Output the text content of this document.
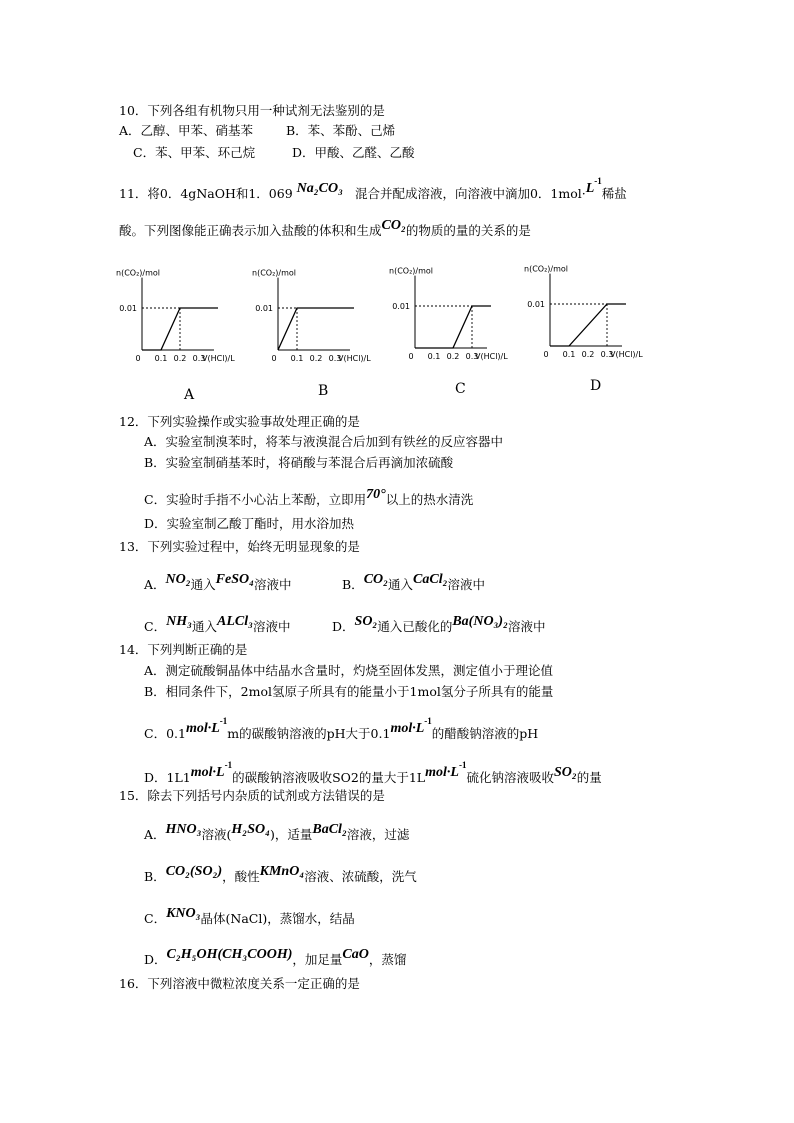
10．下列各组有机物只用一种试剂无法鉴别的是
A．乙醇、甲苯、硝基苯	B．苯、苯酚、己烯
C．苯、甲苯、环己烷	D．甲酸、乙醛、乙酸
11．将0．4gNaOH和1．069 Na₂CO₃ 混合并配成溶液，向溶液中滴加0．$1mol\cdot L^{-1}$稀盐
酸。下列图像能正确表示加入盐酸的体积和生成CO₂的物质的量的关系的是
n(CO₂)/mol
V(HCl)/L
0.01
0 0.1 0.2 0.3
n(CO₂)/mol
V(HCl)/L
0.01
0 0.1 0.2 0.3
n(CO₂)/mol
V(HCl)/L
0.01
0 0.1 0.2 0.3
n(CO₂)/mol
V(HCl)/L
0.01
0 0.1 0.2 0.3
A	B	C	D
12．下列实验操作或实验事故处理正确的是
A．实验室制溴苯时，将苯与液溴混合后加到有铁丝的反应容器中
B．实验室制硝基苯时，将硝酸与苯混合后再滴加浓硫酸
C．实验时手指不小心沾上苯酚，立即用70°以上的热水清洗
D．实验室制乙酸丁酯时，用水浴加热
13．下列实验过程中，始终无明显现象的是
A．NO₂通入FeSO₄溶液中	B．CO₂通入CaCl₂溶液中
C．NH₃通入ALCl₃溶液中	D．SO₂通入已酸化的Ba(NO₃)₂溶液中
14．下列判断正确的是
A．测定硫酸铜晶体中结晶水含量时，灼烧至固体发黑，测定值小于理论值
B．相同条件下，2mol氢原子所具有的能量小于1mol氢分子所具有的能量
C．$0.1mol\cdot L^{-1}m$的碳酸钠溶液的pH大于$0.1mol\cdot L^{-1}$的醋酸钠溶液的pH
D．$1L1mol\cdot L^{-1}$的碳酸钠溶液吸收SO2的量大于$1Lmol\cdot L^{-1}$硫化钠溶液吸收SO₂的量
15．除去下列括号内杂质的试剂或方法错误的是
A．HNO₃溶液(H₂SO₄)，适量BaCl₂溶液，过滤
B．CO₂(SO₂)，酸性KMnO₄溶液、浓硫酸，洗气
C．KNO₃晶体(NaCl)，蒸馏水，结晶
D．C₂H₅OH(CH₃COOH)，加足量CaO，蒸馏
16．下列溶液中微粒浓度关系一定正确的是
